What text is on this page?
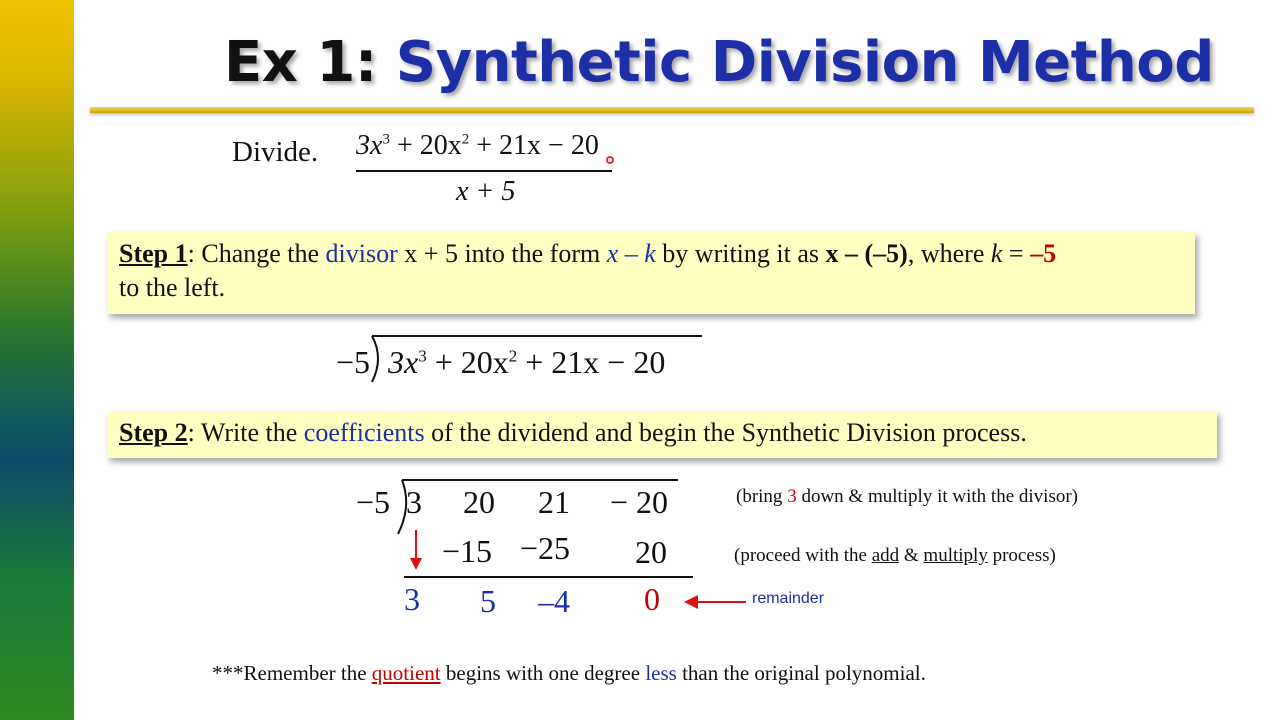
Ex 1: Synthetic Division Method
Divide. $3x^3 + 20x^2 + 21x - 20$
x + 5
Step 1: Change the divisor x + 5 into the form x – k by writing it as x – (–5), where k = –5
to the left.
−5 $3x^3 + 20x^2 + 21x - 20$
Step 2: Write the coefficients of the dividend and begin the Synthetic Division process.
−5 3 20 21 − 20
−15 −25 20
3 5 –4 0	remainder
(bring 3 down & multiply it with the divisor)
(proceed with the add & multiply process)
***Remember the quotient begins with one degree less than the original polynomial.
